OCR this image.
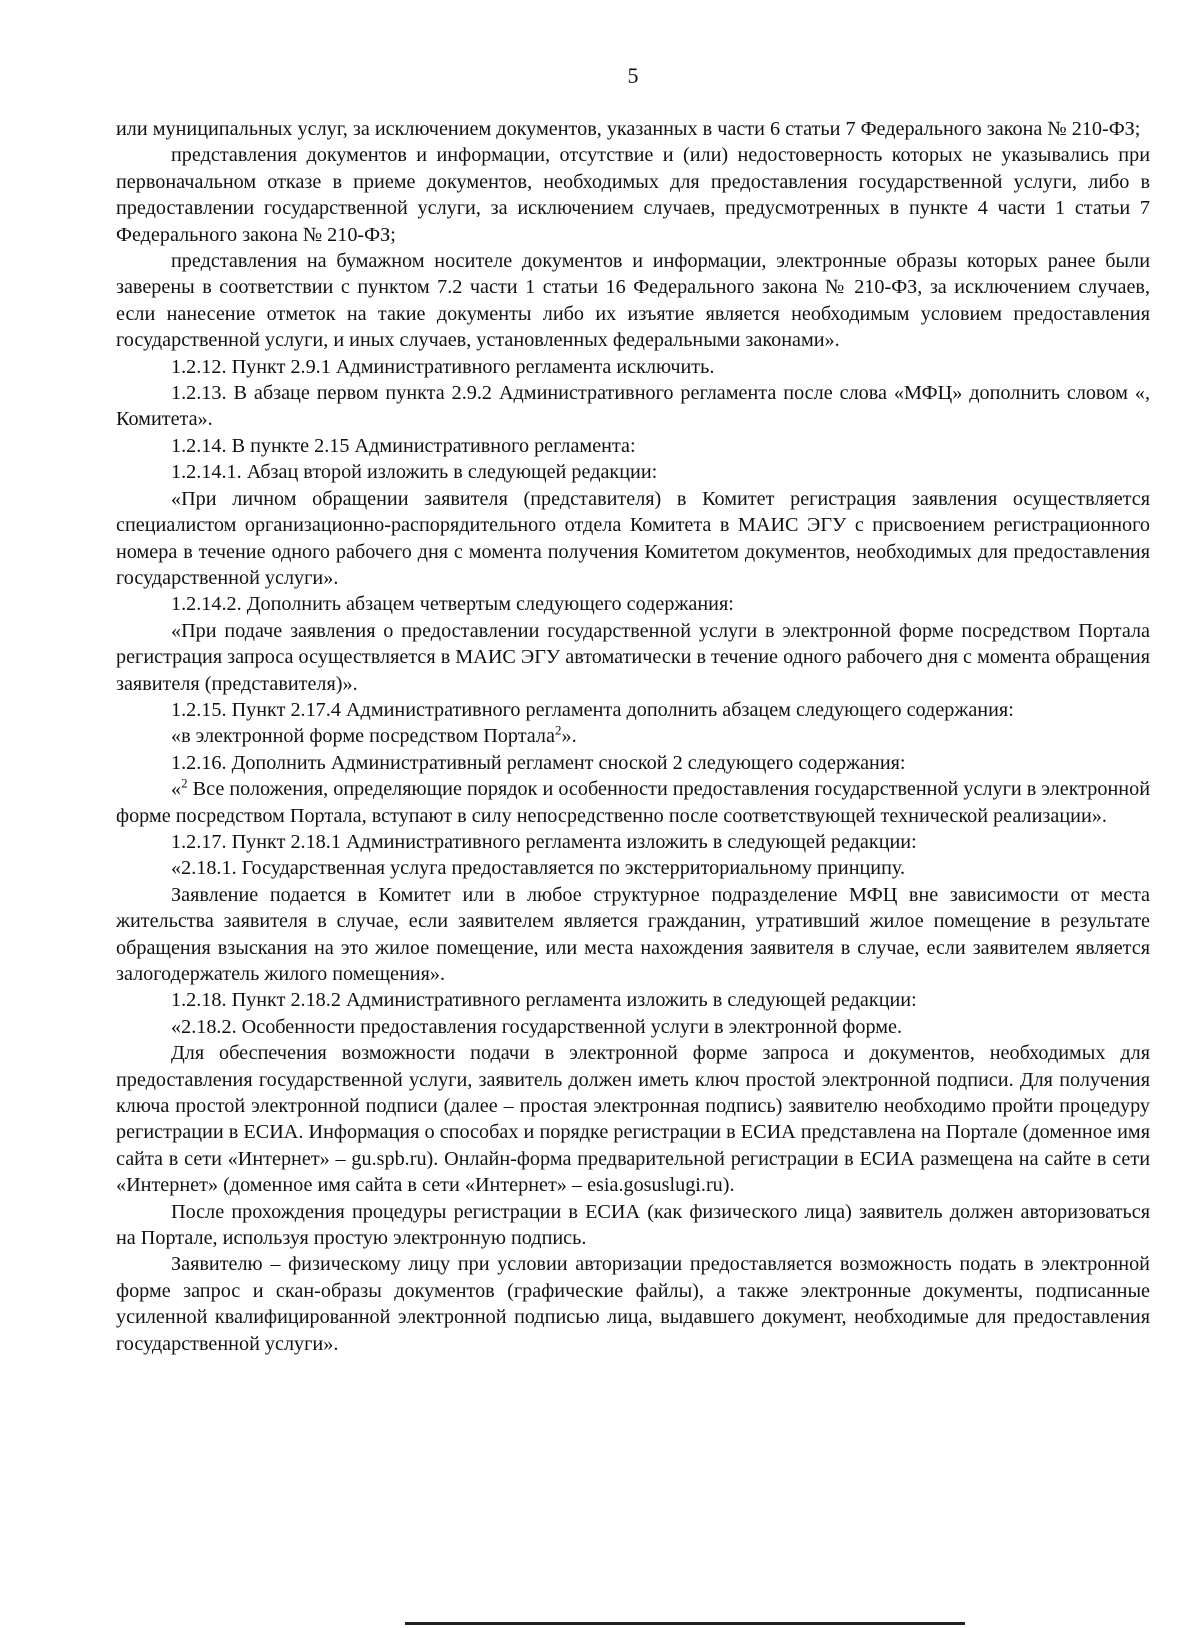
5

или муниципальных услуг, за исключением документов, указанных в части 6 статьи 7 Федерального закона № 210-ФЗ;

представления документов и информации, отсутствие и (или) недостоверность которых не указывались при первоначальном отказе в приеме документов, необходимых для предоставления государственной услуги, либо в предоставлении государственной услуги, за исключением случаев, предусмотренных в пункте 4 части 1 статьи 7 Федерального закона № 210-ФЗ;

представления на бумажном носителе документов и информации, электронные образы которых ранее были заверены в соответствии с пунктом 7.2 части 1 статьи 16 Федерального закона № 210-ФЗ, за исключением случаев, если нанесение отметок на такие документы либо их изъятие является необходимым условием предоставления государственной услуги, и иных случаев, установленных федеральными законами».

1.2.12. Пункт 2.9.1 Административного регламента исключить.

1.2.13. В абзаце первом пункта 2.9.2 Административного регламента после слова «МФЦ» дополнить словом «, Комитета».

1.2.14. В пункте 2.15 Административного регламента:

1.2.14.1. Абзац второй изложить в следующей редакции:

«При личном обращении заявителя (представителя) в Комитет регистрация заявления осуществляется специалистом организационно-распорядительного отдела Комитета в МАИС ЭГУ с присвоением регистрационного номера в течение одного рабочего дня с момента получения Комитетом документов, необходимых для предоставления государственной услуги».

1.2.14.2. Дополнить абзацем четвертым следующего содержания:

«При подаче заявления о предоставлении государственной услуги в электронной форме посредством Портала регистрация запроса осуществляется в МАИС ЭГУ автоматически в течение одного рабочего дня с момента обращения заявителя (представителя)».

1.2.15. Пункт 2.17.4 Административного регламента дополнить абзацем следующего содержания:

«в электронной форме посредством Портала$^2$».

1.2.16. Дополнить Административный регламент сноской 2 следующего содержания:

«$^2$ Все положения, определяющие порядок и особенности предоставления государственной услуги в электронной форме посредством Портала, вступают в силу непосредственно после соответствующей технической реализации».

1.2.17. Пункт 2.18.1 Административного регламента изложить в следующей редакции:

«2.18.1. Государственная услуга предоставляется по экстерриториальному принципу.

Заявление подается в Комитет или в любое структурное подразделение МФЦ вне зависимости от места жительства заявителя в случае, если заявителем является гражданин, утративший жилое помещение в результате обращения взыскания на это жилое помещение, или места нахождения заявителя в случае, если заявителем является залогодержатель жилого помещения».

1.2.18. Пункт 2.18.2 Административного регламента изложить в следующей редакции:

«2.18.2. Особенности предоставления государственной услуги в электронной форме.

Для обеспечения возможности подачи в электронной форме запроса и документов, необходимых для предоставления государственной услуги, заявитель должен иметь ключ простой электронной подписи. Для получения ключа простой электронной подписи (далее – простая электронная подпись) заявителю необходимо пройти процедуру регистрации в ЕСИА. Информация о способах и порядке регистрации в ЕСИА представлена на Портале (доменное имя сайта в сети «Интернет» – gu.spb.ru). Онлайн-форма предварительной регистрации в ЕСИА размещена на сайте в сети «Интернет» (доменное имя сайта в сети «Интернет» – esia.gosuslugi.ru).

После прохождения процедуры регистрации в ЕСИА (как физического лица) заявитель должен авторизоваться на Портале, используя простую электронную подпись.

Заявителю – физическому лицу при условии авторизации предоставляется возможность подать в электронной форме запрос и скан-образы документов (графические файлы), а также электронные документы, подписанные усиленной квалифицированной электронной подписью лица, выдавшего документ, необходимые для предоставления государственной услуги».
